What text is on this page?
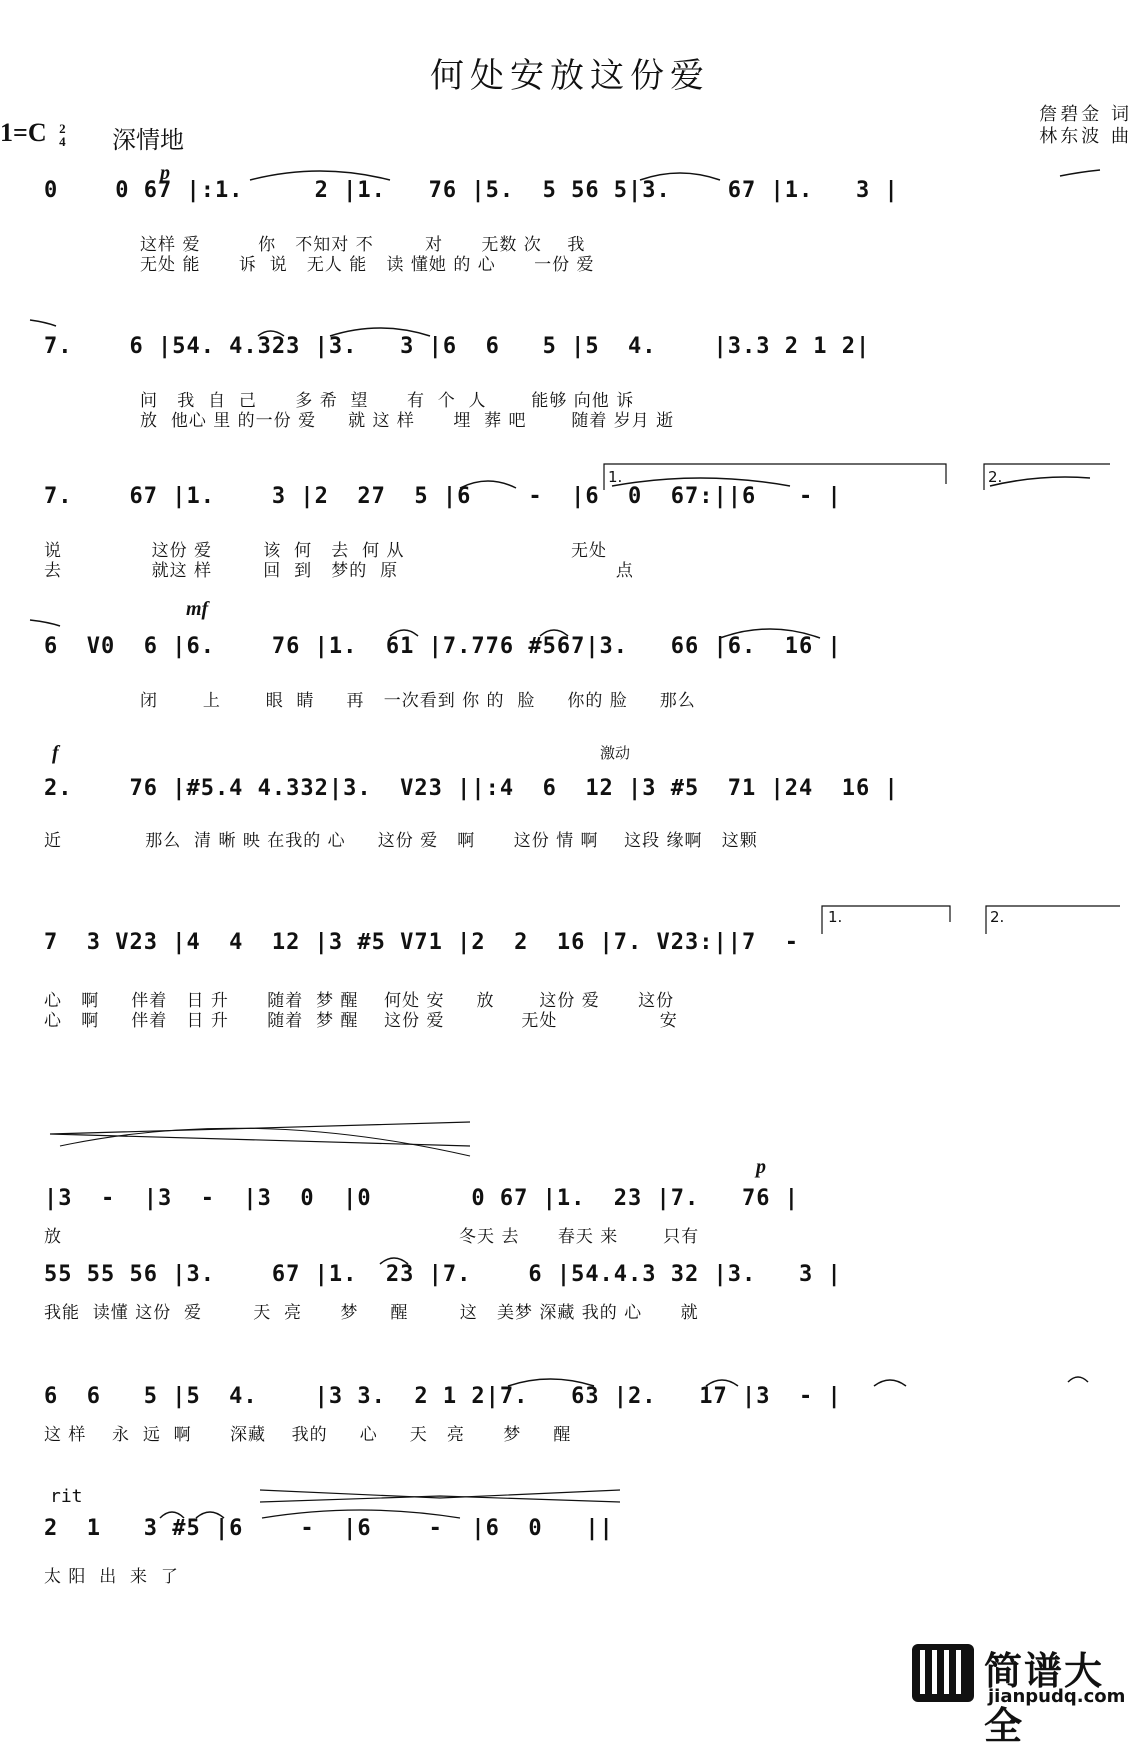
何处安放这份爱
1=C 2
4 深情地
詹碧金 词
林东波 曲
0    0 67 |:1.     2 |1.   76 |5.  5 56 5|3.    67 |1.   3 |
这样 爱         你   不知对 不        对      无数 次    我
无处 能      诉  说   无人 能   读 懂她 的 心      一份 爱
p
7.    6 |54. 4.323 |3.   3 |6  6   5 |5  4.    |3.3 2 1 2|
问   我  自  己      多 希  望      有  个  人       能够 向他 诉
放  他心 里 的一份 爱     就 这 样      埋  葬 吧       随着 岁月 逝
7.    67 |1.    3 |2  27  5 |6    -  |6  0  67:||6   - |
说              这份 爱        该  何   去  何 从                          无处
去              就这 样        回  到   梦的  原                                  点
1.	2.
6  V0  6 |6.    76 |1.  61 |7.776 #567|3.   66 |6.  16 |
闭       上       眼  睛     再   一次看到 你 的  脸     你的 脸     那么
mf
2.    76 |#5.4 4.332|3.  V23 ||:4  6  12 |3 #5  71 |24  16 |
近             那么  清 晰 映 在我的 心     这份 爱   啊      这份 情 啊    这段 缘啊   这颗
f	激动
7  3 V23 |4  4  12 |3 #5 V71 |2  2  16 |7. V23:||7  -
心   啊     伴着   日 升      随着  梦 醒    何处 安     放       这份 爱      这份
心   啊     伴着   日 升      随着  梦 醒    这份 爱            无处                安
1.	2.
|3  -  |3  -  |3  0  |0       0 67 |1.  23 |7.   76 |
放                                                              冬天 去      春天 来       只有
p
55 55 56 |3.    67 |1.  23 |7.    6 |54.4.3 32 |3.   3 |
我能  读懂 这份  爱        天  亮      梦     醒        这   美梦 深藏 我的 心      就
6  6   5 |5  4.    |3 3.  2 1 2|7.   63 |2.   17 |3  - |
这 样    永  远  啊      深藏    我的     心     天   亮      梦     醒
2  1   3 #5 |6    -  |6    -  |6  0   ||
太 阳  出  来  了
rit
简谱大全
jianpudq.com
